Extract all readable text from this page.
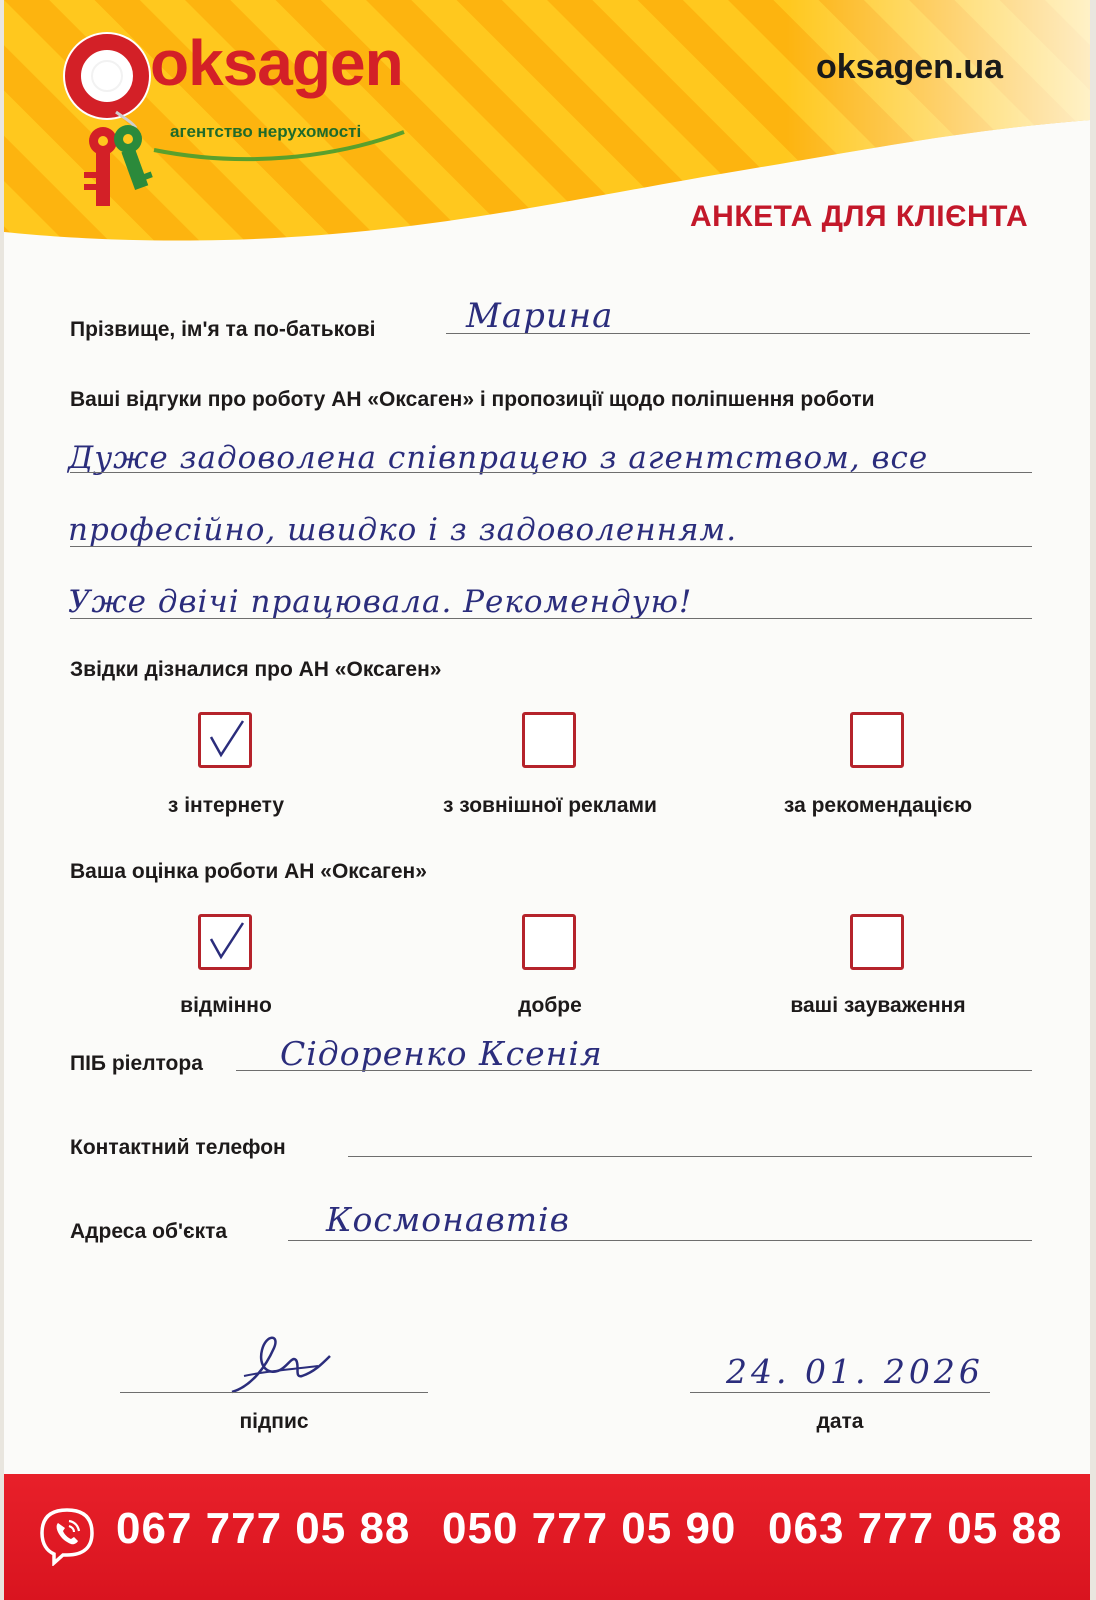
oksagen
агентство нерухомості
oksagen.ua
АНКЕТА ДЛЯ КЛІЄНТА
Прізвище, ім'я та по-батькові	Марина
Ваші відгуки про роботу АН «Оксаген» і пропозиції щодо поліпшення роботи
Дуже задоволена співпрацею з агентством, все
професійно, швидко і з задоволенням.
Уже двічі працювала. Рекомендую!
Звідки дізналися про АН «Оксаген»
з інтернету	з зовнішної реклами	за рекомендацією
Ваша оцінка роботи АН «Оксаген»
відмінно	добре	ваші зауваження
ПІБ ріелтора Сідоренко Ксенія
Контактний телефон
Адреса об'єкта	Космонавтів
підпис
24. 01. 2026
дата
067 777 05 88 050 777 05 90 063 777 05 88
